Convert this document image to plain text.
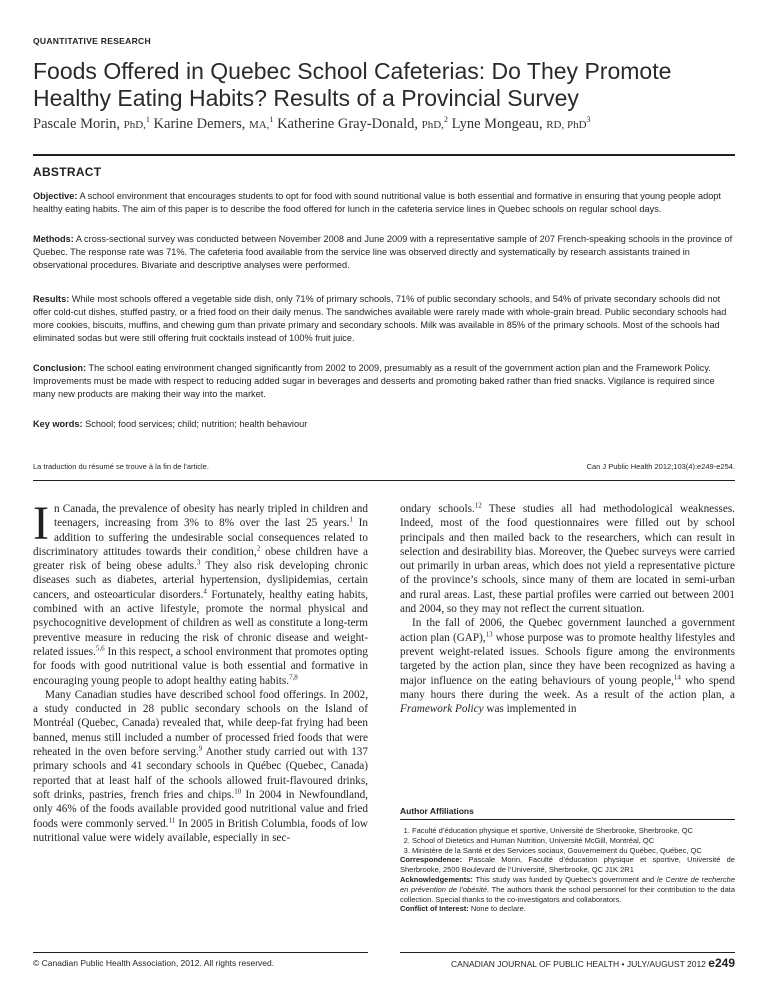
QUANTITATIVE RESEARCH
Foods Offered in Quebec School Cafeterias: Do They Promote Healthy Eating Habits? Results of a Provincial Survey
Pascale Morin, PhD,$^1$ Karine Demers, MA,$^1$ Katherine Gray-Donald, PhD,$^2$ Lyne Mongeau, RD, PhD$^3$
ABSTRACT

Objective: A school environment that encourages students to opt for food with sound nutritional value is both essential and formative in ensuring that young people adopt healthy eating habits. The aim of this paper is to describe the food offered for lunch in the cafeteria service lines in Quebec schools on regular school days.

Methods: A cross-sectional survey was conducted between November 2008 and June 2009 with a representative sample of 207 French-speaking schools in the province of Quebec. The response rate was 71%. The cafeteria food available from the service line was observed directly and systematically by research assistants trained in observational procedures. Bivariate and descriptive analyses were performed.

Results: While most schools offered a vegetable side dish, only 71% of primary schools, 71% of public secondary schools, and 54% of private secondary schools did not offer cold-cut dishes, stuffed pastry, or a fried food on their daily menus. The sandwiches available were rarely made with whole-grain bread. Public secondary schools had more cookies, biscuits, muffins, and chewing gum than private primary and secondary schools. Milk was available in 85% of the primary schools. Most of the schools had eliminated sodas but were still offering fruit cocktails instead of 100% fruit juice.

Conclusion: The school eating environment changed significantly from 2002 to 2009, presumably as a result of the government action plan and the Framework Policy. Improvements must be made with respect to reducing added sugar in beverages and desserts and promoting baked rather than fried snacks. Vigilance is required since many new products are making their way into the market.

Key words: School; food services; child; nutrition; health behaviour

La traduction du résumé se trouve à la fin de l’article.	Can J Public Health 2012;103(4):e249-e254.
In Canada, the prevalence of obesity has nearly tripled in children and teenagers, increasing from 3% to 8% over the last 25 years.$^1$ In addition to suffering the undesirable social consequences related to discriminatory attitudes towards their condition,$^2$ obese children have a greater risk of being obese adults.$^3$ They also risk developing chronic diseases such as diabetes, arterial hypertension, dyslipidemias, certain cancers, and osteoarticular disorders.$^4$ Fortunately, healthy eating habits, combined with an active lifestyle, promote the normal physical and psychocognitive development of children as well as constitute a long-term preventive measure in reducing the risk of chronic disease and weight-related issues.$^{5,6}$ In this respect, a school environment that promotes opting for foods with good nutritional value is both essential and formative in encouraging young people to adopt healthy eating habits.$^{7,8}$
Many Canadian studies have described school food offerings. In 2002, a study conducted in 28 public secondary schools on the Island of Montréal (Quebec, Canada) revealed that, while deep-fat frying had been banned, menus still included a number of processed fried foods that were reheated in the oven before serving.$^9$ Another study carried out with 137 primary schools and 41 secondary schools in Québec (Quebec, Canada) reported that at least half of the schools allowed fruit-flavoured drinks, soft drinks, pastries, french fries and chips.$^{10}$ In 2004 in Newfoundland, only 46% of the foods available provided good nutritional value and fried foods were commonly served.$^{11}$ In 2005 in British Columbia, foods of low nutritional value were widely available, especially in sec-
ondary schools.$^{12}$ These studies all had methodological weaknesses. Indeed, most of the food questionnaires were filled out by school principals and then mailed back to the researchers, which can result in selection and desirability bias. Moreover, the Quebec surveys were carried out primarily in urban areas, which does not yield a representative picture of the province’s schools, since many of them are located in semi-urban and rural areas. Last, these partial profiles were carried out between 2001 and 2004, so they may not reflect the current situation.
In the fall of 2006, the Quebec government launched a government action plan (GAP),$^{13}$ whose purpose was to promote healthy lifestyles and prevent weight-related issues. Schools figure among the environments targeted by the action plan, since they have been recognized as having a major influence on the eating behaviours of young people,$^{14}$ who spend many hours there during the week. As a result of the action plan, a Framework Policy was implemented in
Author Affiliations
1. Faculté d’éducation physique et sportive, Université de Sherbrooke, Sherbrooke, QC
2. School of Dietetics and Human Nutrition, Université McGill, Montréal, QC
3. Ministère de la Santé et des Services sociaux, Gouvernement du Québec, Québec, QC
Correspondence: Pascale Morin, Faculté d’éducation physique et sportive, Université de Sherbrooke, 2500 Boulevard de l’Université, Sherbrooke, QC J1K 2R1
Acknowledgements: This study was funded by Quebec’s government and le Centre de recherche en prévention de l’obésité. The authors thank the school personnel for their contribution to the data collection. Special thanks to the co-investigators and collaborators.
Conflict of Interest: None to declare.
© Canadian Public Health Association, 2012. All rights reserved.	CANADIAN JOURNAL OF PUBLIC HEALTH • JULY/AUGUST 2012 e249
